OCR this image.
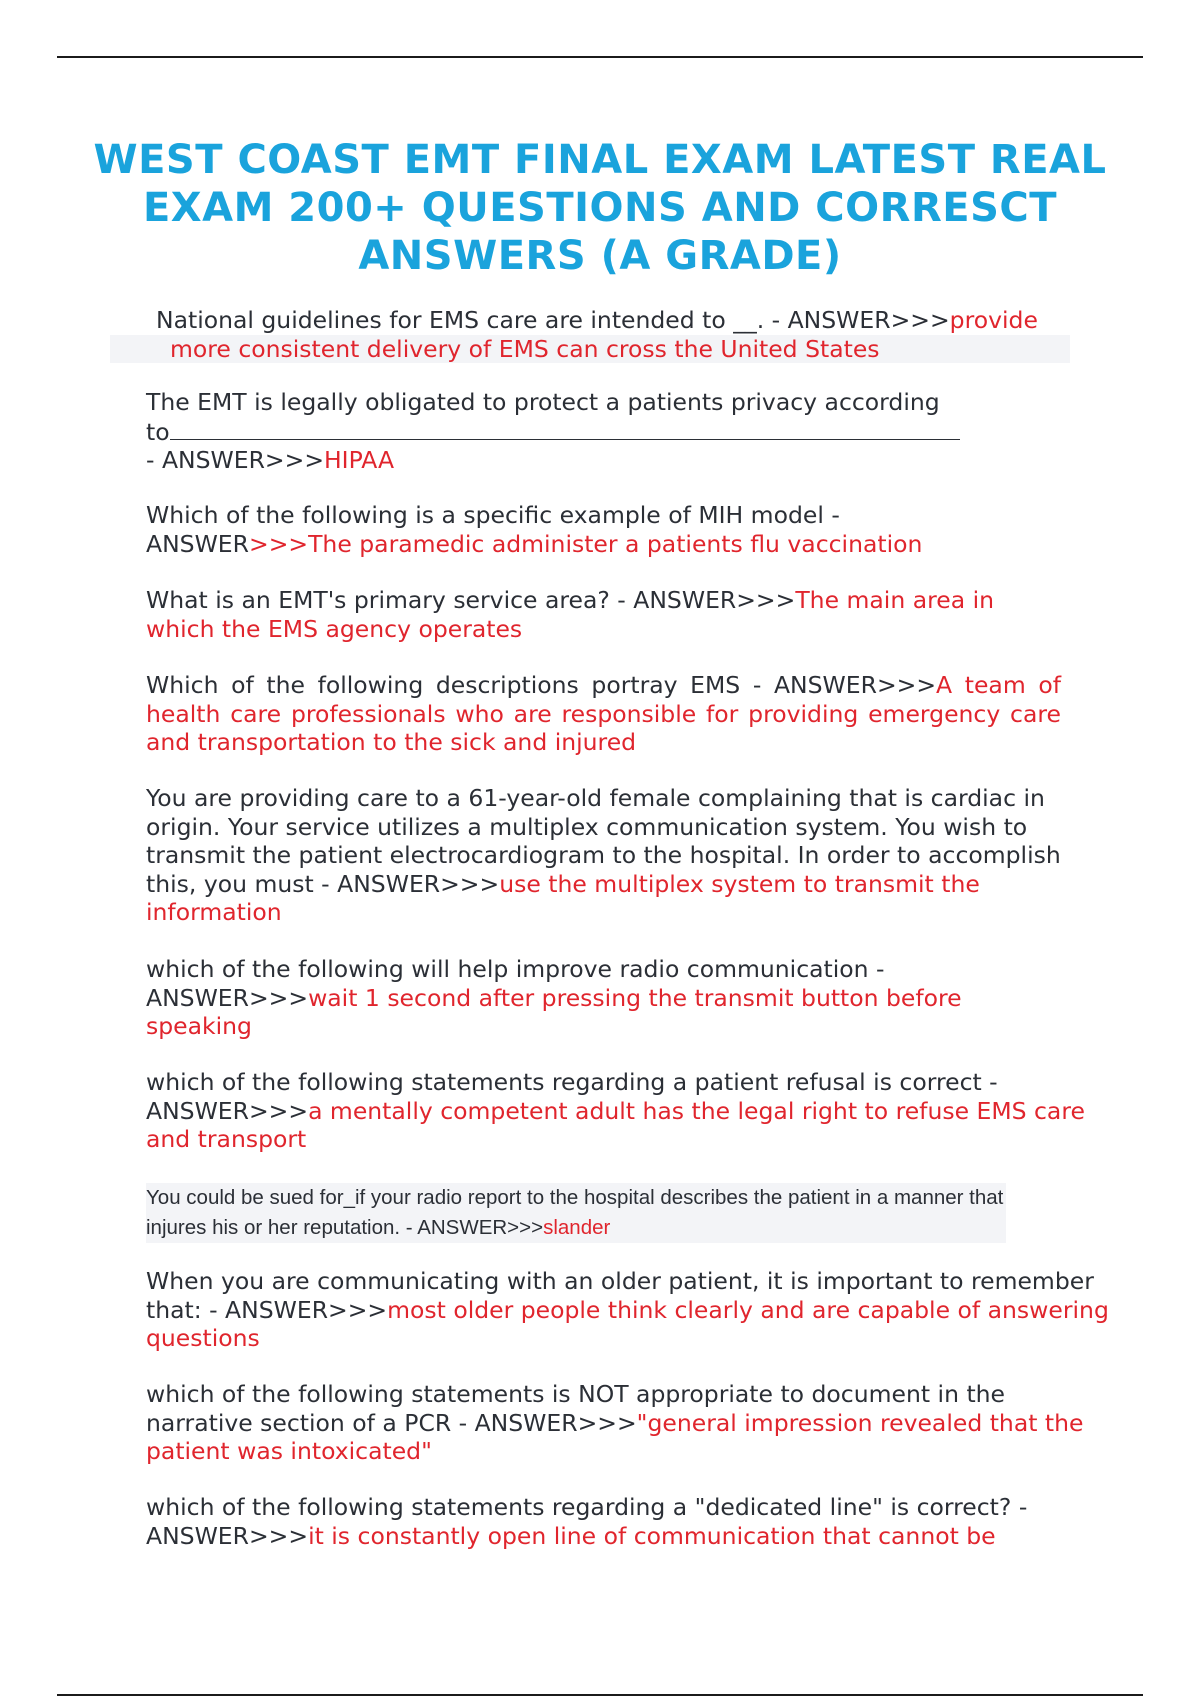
WEST COAST EMT FINAL EXAM LATEST REAL EXAM 200+ QUESTIONS AND CORRESCT ANSWERS (A GRADE)
National guidelines for EMS care are intended to __. - ANSWER>>>provide
more consistent delivery of EMS can cross the United States
The EMT is legally obligated to protect a patients privacy according to
- ANSWER>>>HIPAA
Which of the following is a specific example of MIH model - ANSWER>>>The paramedic administer a patients flu vaccination
What is an EMT's primary service area? - ANSWER>>>The main area in which the EMS agency operates
Which of the following descriptions portray EMS - ANSWER>>>A team of health care professionals who are responsible for providing emergency care and transportation to the sick and injured
You are providing care to a 61-year-old female complaining that is cardiac in origin. Your service utilizes a multiplex communication system. You wish to transmit the patient electrocardiogram to the hospital. In order to accomplish this, you must - ANSWER>>>use the multiplex system to transmit the information
which of the following will help improve radio communication - ANSWER>>>wait 1 second after pressing the transmit button before speaking
which of the following statements regarding a patient refusal is correct - ANSWER>>>a mentally competent adult has the legal right to refuse EMS care and transport
You could be sued for_if your radio report to the hospital describes the patient in a manner that injures his or her reputation. - ANSWER>>>slander
When you are communicating with an older patient, it is important to remember that: - ANSWER>>>most older people think clearly and are capable of answering questions
which of the following statements is NOT appropriate to document in the narrative section of a PCR - ANSWER>>>"general impression revealed that the patient was intoxicated"
which of the following statements regarding a "dedicated line" is correct? - ANSWER>>>it is constantly open line of communication that cannot be
